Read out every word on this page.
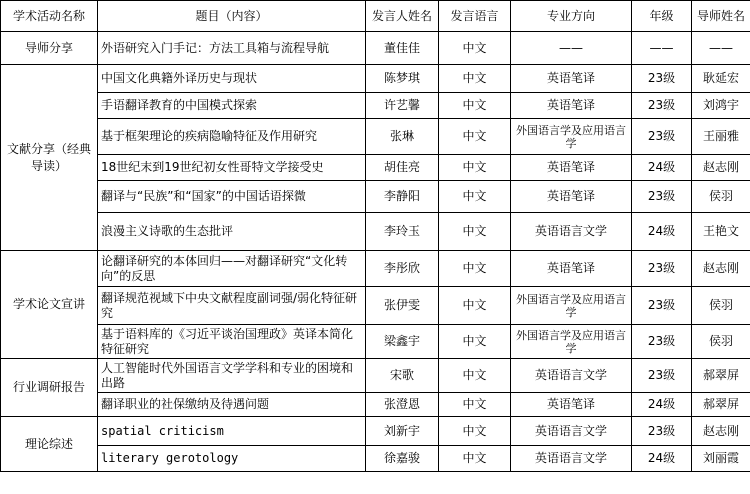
学术活动名称	题目（内容）	发言人姓名	发言语言	专业方向	年级	导师姓名
导师分享	外语研究入门手记：方法工具箱与流程导航	董佳佳	中文	——	——	——
文献分享（经典导读）	中国文化典籍外译历史与现状	陈梦琪	中文	英语笔译	23级	耿延宏
	手语翻译教育的中国模式探索	许艺馨	中文	英语笔译	23级	刘鸿宇
	基于框架理论的疾病隐喻特征及作用研究	张琳	中文	外国语言学及应用语言学	23级	王丽雅
	18世纪末到19世纪初女性哥特文学接受史	胡佳亮	中文	英语笔译	24级	赵志刚
	翻译与“民族”和“国家”的中国话语探微	李静阳	中文	英语笔译	23级	侯羽
	浪漫主义诗歌的生态批评	李玲玉	中文	英语语言文学	24级	王艳文
学术论文宣讲	论翻译研究的本体回归——对翻译研究“文化转向”的反思	李彤欣	中文	英语笔译	23级	赵志刚
	翻译规范视域下中央文献程度副词强/弱化特征研究	张伊雯	中文	外国语言学及应用语言学	23级	侯羽
	基于语料库的《习近平谈治国理政》英译本简化特征研究	梁鑫宇	中文	外国语言学及应用语言学	23级	侯羽
行业调研报告	人工智能时代外国语言文学学科和专业的困境和出路	宋歌	中文	英语语言文学	23级	郝翠屏
	翻译职业的社保缴纳及待遇问题	张澄恩	中文	英语笔译	24级	郝翠屏
理论综述	spatial criticism	刘新宇	中文	英语语言文学	23级	赵志刚
	literary gerotology	徐嘉骏	中文	英语语言文学	24级	刘丽霞
